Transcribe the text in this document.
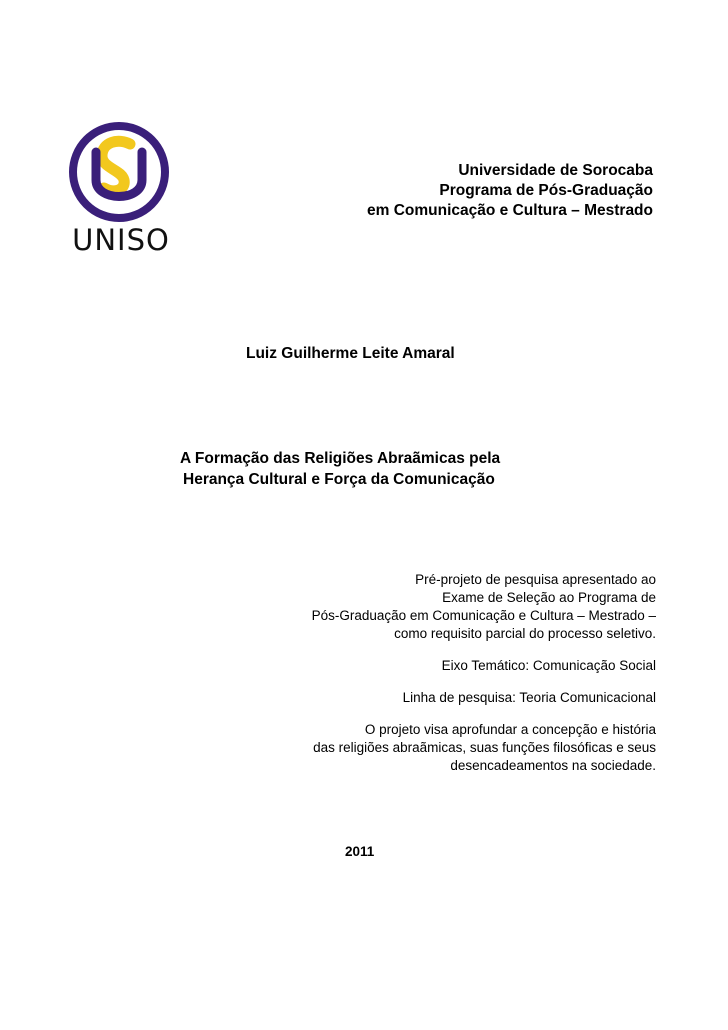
UNISO
Universidade de Sorocaba
Programa de Pós-Graduação
em Comunicação e Cultura – Mestrado
Luiz Guilherme Leite Amaral
A Formação das Religiões Abraãmicas pela
Herança Cultural e Força da Comunicação
Pré-projeto de pesquisa apresentado ao
Exame de Seleção ao Programa de
Pós-Graduação em Comunicação e Cultura – Mestrado –
como requisito parcial do processo seletivo.
Eixo Temático: Comunicação Social
Linha de pesquisa: Teoria Comunicacional
O projeto visa aprofundar a concepção e história
das religiões abraãmicas, suas funções filosóficas e seus
desencadeamentos na sociedade.
2011
